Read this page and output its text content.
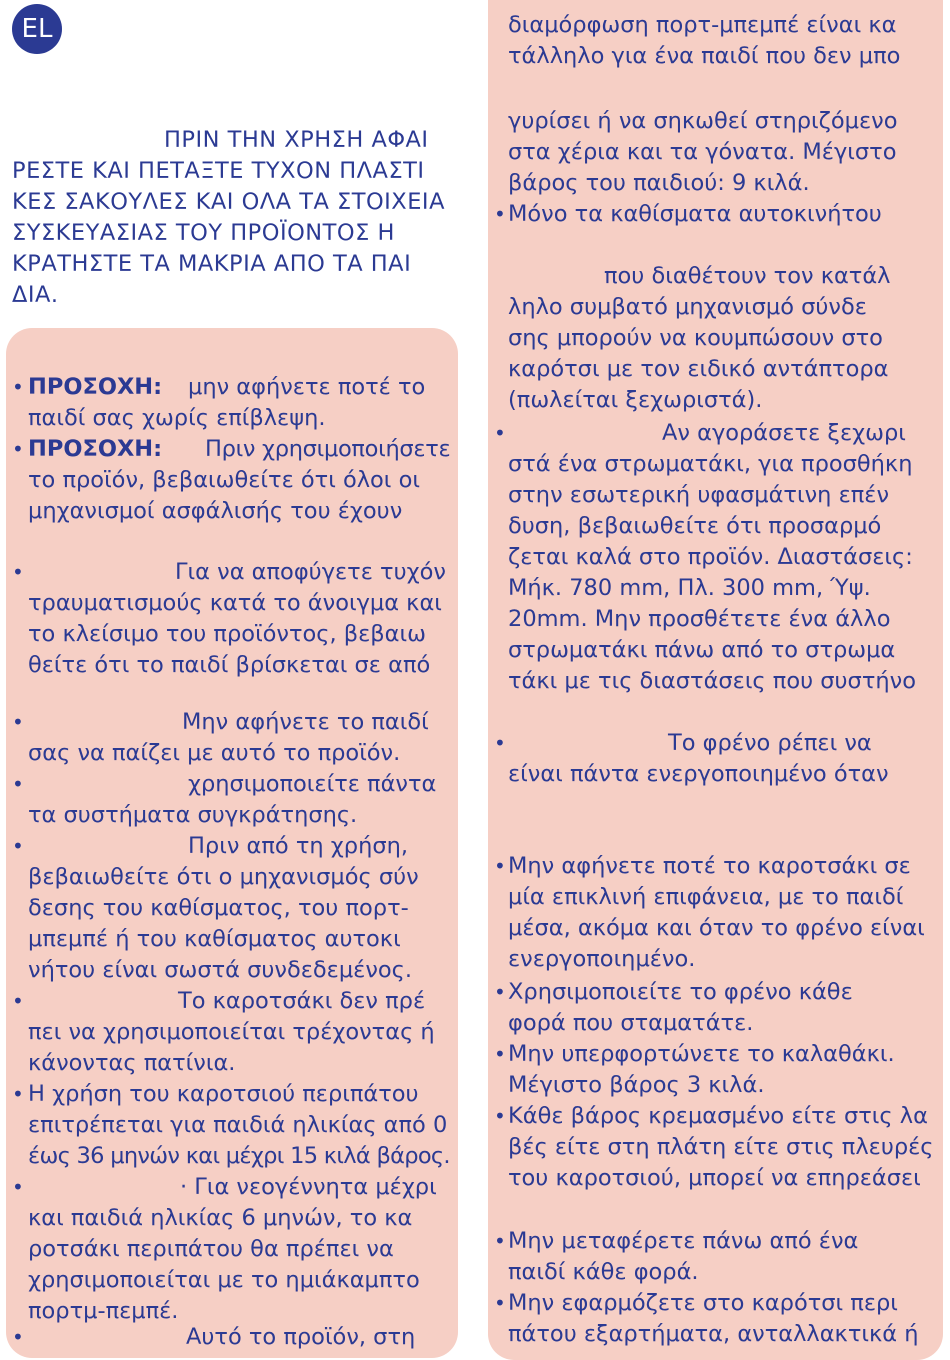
EL
ΠΡΙΝ ΤΗΝ ΧΡΗΣΗ ΑΦΑΙ
ΡΕΣΤΕ ΚΑΙ ΠΕΤΑΞΤΕ ΤΥΧΟΝ ΠΛΑΣΤΙ
ΚΕΣ ΣΑΚΟΥΛΕΣ ΚΑΙ ΟΛΑ ΤΑ ΣΤΟΙΧΕΙΑ
ΣΥΣΚΕΥΑΣΙΑΣ ΤΟΥ ΠΡΟΪΟΝΤΟΣ Η
ΚΡΑΤΗΣΤΕ ΤΑ ΜΑΚΡΙΑ ΑΠΟ ΤΑ ΠΑΙ
ΔΙΑ.
• ΠΡΟΣΟΧΗ: μην αφήνετε ποτέ το
παιδί σας χωρίς επίβλεψη.
• ΠΡΟΣΟΧΗ: Πριν χρησιμοποιήσετε
το προϊόν, βεβαιωθείτε ότι όλοι οι
μηχανισμοί ασφάλισής του έχουν
•	Για να αποφύγετε τυχόν
τραυματισμούς κατά το άνοιγμα και
το κλείσιμο του προϊόντος, βεβαιω
θείτε ότι το παιδί βρίσκεται σε από
•	Μην αφήνετε το παιδί
σας να παίζει με αυτό το προϊόν.
•	χρησιμοποιείτε πάντα
τα συστήματα συγκράτησης.
•	Πριν από τη χρήση,
βεβαιωθείτε ότι ο μηχανισμός σύν
δεσης του καθίσματος, του πορτ-
μπεμπέ ή του καθίσματος αυτοκι
νήτου είναι σωστά συνδεδεμένος.
•	Το καροτσάκι δεν πρέ
πει να χρησιμοποιείται τρέχοντας ή
κάνοντας πατίνια.
• Η χρήση του καροτσιού περιπάτου
επιτρέπεται για παιδιά ηλικίας από 0
έως 36 μηνών και μέχρι 15 κιλά βάρος.
•	· Για νεογέννητα μέχρι
και παιδιά ηλικίας 6 μηνών, το κα
ροτσάκι περιπάτου θα πρέπει να
χρησιμοποιείται με το ημιάκαμπτο
πορτμ-πεμπέ.
•	Αυτό το προϊόν, στη
διαμόρφωση πορτ-μπεμπέ είναι κα
τάλληλο για ένα παιδί που δεν μπο
γυρίσει ή να σηκωθεί στηριζόμενο
στα χέρια και τα γόνατα. Μέγιστο
βάρος του παιδιού: 9 κιλά.
• Μόνο τα καθίσματα αυτοκινήτου
που διαθέτουν τον κατάλ
ληλο συμβατό μηχανισμό σύνδε
σης μπορούν να κουμπώσουν στο
καρότσι με τον ειδικό αντάπτορα
(πωλείται ξεχωριστά).
•	Αν αγοράσετε ξεχωρι
στά ένα στρωματάκι, για προσθήκη
στην εσωτερική υφασμάτινη επέν
δυση, βεβαιωθείτε ότι προσαρμό
ζεται καλά στο προϊόν. Διαστάσεις:
Μήκ. 780 mm, Πλ. 300 mm, Ύψ.
20mm. Μην προσθέτετε ένα άλλο
στρωματάκι πάνω από το στρωμα
τάκι με τις διαστάσεις που συστήνο
•	Το φρένο ρέπει να
είναι πάντα ενεργοποιημένο όταν
• Μην αφήνετε ποτέ το καροτσάκι σε
μία επικλινή επιφάνεια, με το παιδί
μέσα, ακόμα και όταν το φρένο είναι
ενεργοποιημένο.
• Χρησιμοποιείτε το φρένο κάθε
φορά που σταματάτε.
• Μην υπερφορτώνετε το καλαθάκι.
Μέγιστο βάρος 3 κιλά.
• Κάθε βάρος κρεμασμένο είτε στις λα
βές είτε στη πλάτη είτε στις πλευρές
του καροτσιού, μπορεί να επηρεάσει
• Μην μεταφέρετε πάνω από ένα
παιδί κάθε φορά.
• Μην εφαρμόζετε στο καρότσι περι
πάτου εξαρτήματα, ανταλλακτικά ή
